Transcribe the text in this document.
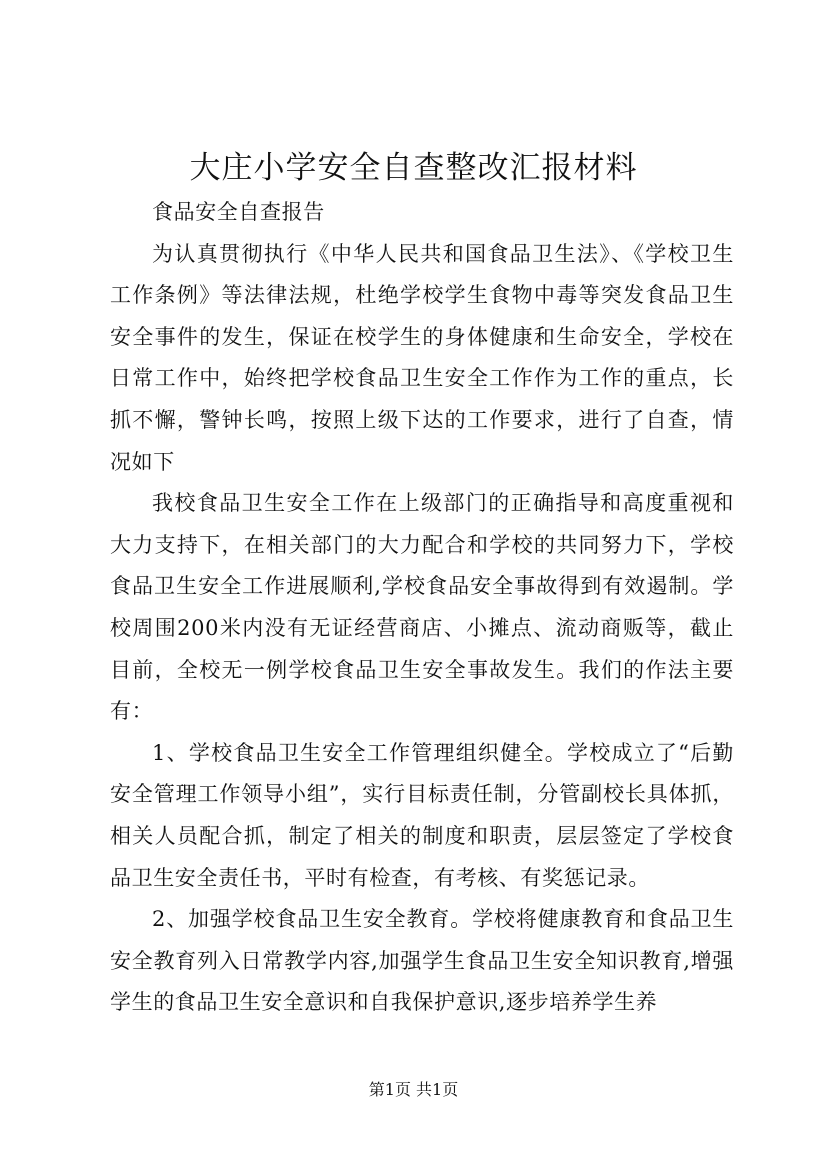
大庄小学安全自查整改汇报材料

食品安全自查报告

为认真贯彻执行《中华人民共和国食品卫生法》、《学校卫生工作条例》等法律法规，杜绝学校学生食物中毒等突发食品卫生安全事件的发生，保证在校学生的身体健康和生命安全，学校在日常工作中，始终把学校食品卫生安全工作作为工作的重点，长抓不懈，警钟长鸣，按照上级下达的工作要求，进行了自查，情况如下

我校食品卫生安全工作在上级部门的正确指导和高度重视和大力支持下，在相关部门的大力配合和学校的共同努力下，学校食品卫生安全工作进展顺利,学校食品安全事故得到有效遏制。学校周围200米内没有无证经营商店、小摊点、流动商贩等，截止目前，全校无一例学校食品卫生安全事故发生。我们的作法主要有：

1、学校食品卫生安全工作管理组织健全。学校成立了“后勤安全管理工作领导小组”，实行目标责任制，分管副校长具体抓，相关人员配合抓，制定了相关的制度和职责，层层签定了学校食品卫生安全责任书，平时有检查，有考核、有奖惩记录。

2、加强学校食品卫生安全教育。学校将健康教育和食品卫生安全教育列入日常教学内容,加强学生食品卫生安全知识教育,增强学生的食品卫生安全意识和自我保护意识,逐步培养学生养

第1页 共1页
